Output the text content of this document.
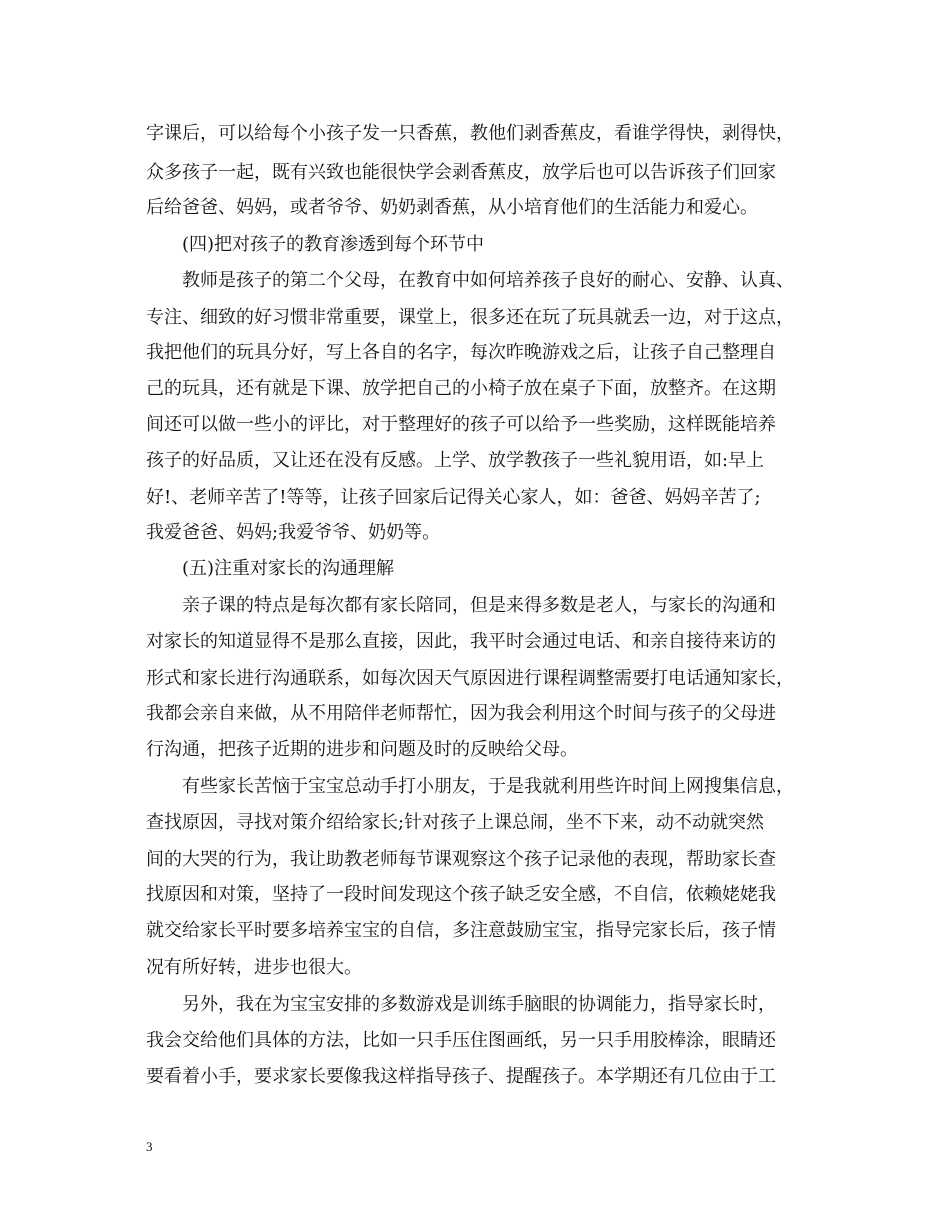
字课后，可以给每个小孩子发一只香蕉，教他们剥香蕉皮，看谁学得快，剥得快，

众多孩子一起，既有兴致也能很快学会剥香蕉皮，放学后也可以告诉孩子们回家

后给爸爸、妈妈，或者爷爷、奶奶剥香蕉，从小培育他们的生活能力和爱心。

(四)把对孩子的教育渗透到每个环节中

教师是孩子的第二个父母，在教育中如何培养孩子良好的耐心、安静、认真、

专注、细致的好习惯非常重要，课堂上，很多还在玩了玩具就丢一边，对于这点，

我把他们的玩具分好，写上各自的名字，每次昨晚游戏之后，让孩子自己整理自

己的玩具，还有就是下课、放学把自己的小椅子放在桌子下面，放整齐。在这期

间还可以做一些小的评比，对于整理好的孩子可以给予一些奖励，这样既能培养

孩子的好品质，又让还在没有反感。上学、放学教孩子一些礼貌用语，如:早上

好!、老师辛苦了!等等，让孩子回家后记得关心家人，如：爸爸、妈妈辛苦了;

我爱爸爸、妈妈;我爱爷爷、奶奶等。

(五)注重对家长的沟通理解

亲子课的特点是每次都有家长陪同，但是来得多数是老人，与家长的沟通和

对家长的知道显得不是那么直接，因此，我平时会通过电话、和亲自接待来访的

形式和家长进行沟通联系，如每次因天气原因进行课程调整需要打电话通知家长，

我都会亲自来做，从不用陪伴老师帮忙，因为我会利用这个时间与孩子的父母进

行沟通，把孩子近期的进步和问题及时的反映给父母。

有些家长苦恼于宝宝总动手打小朋友，于是我就利用些许时间上网搜集信息，

查找原因，寻找对策介绍给家长;针对孩子上课总闹，坐不下来，动不动就突然

间的大哭的行为，我让助教老师每节课观察这个孩子记录他的表现，帮助家长查

找原因和对策，坚持了一段时间发现这个孩子缺乏安全感，不自信，依赖姥姥我

就交给家长平时要多培养宝宝的自信，多注意鼓励宝宝，指导完家长后，孩子情

况有所好转，进步也很大。

另外，我在为宝宝安排的多数游戏是训练手脑眼的协调能力，指导家长时，

我会交给他们具体的方法，比如一只手压住图画纸，另一只手用胶棒涂，眼睛还

要看着小手，要求家长要像我这样指导孩子、提醒孩子。本学期还有几位由于工

3
